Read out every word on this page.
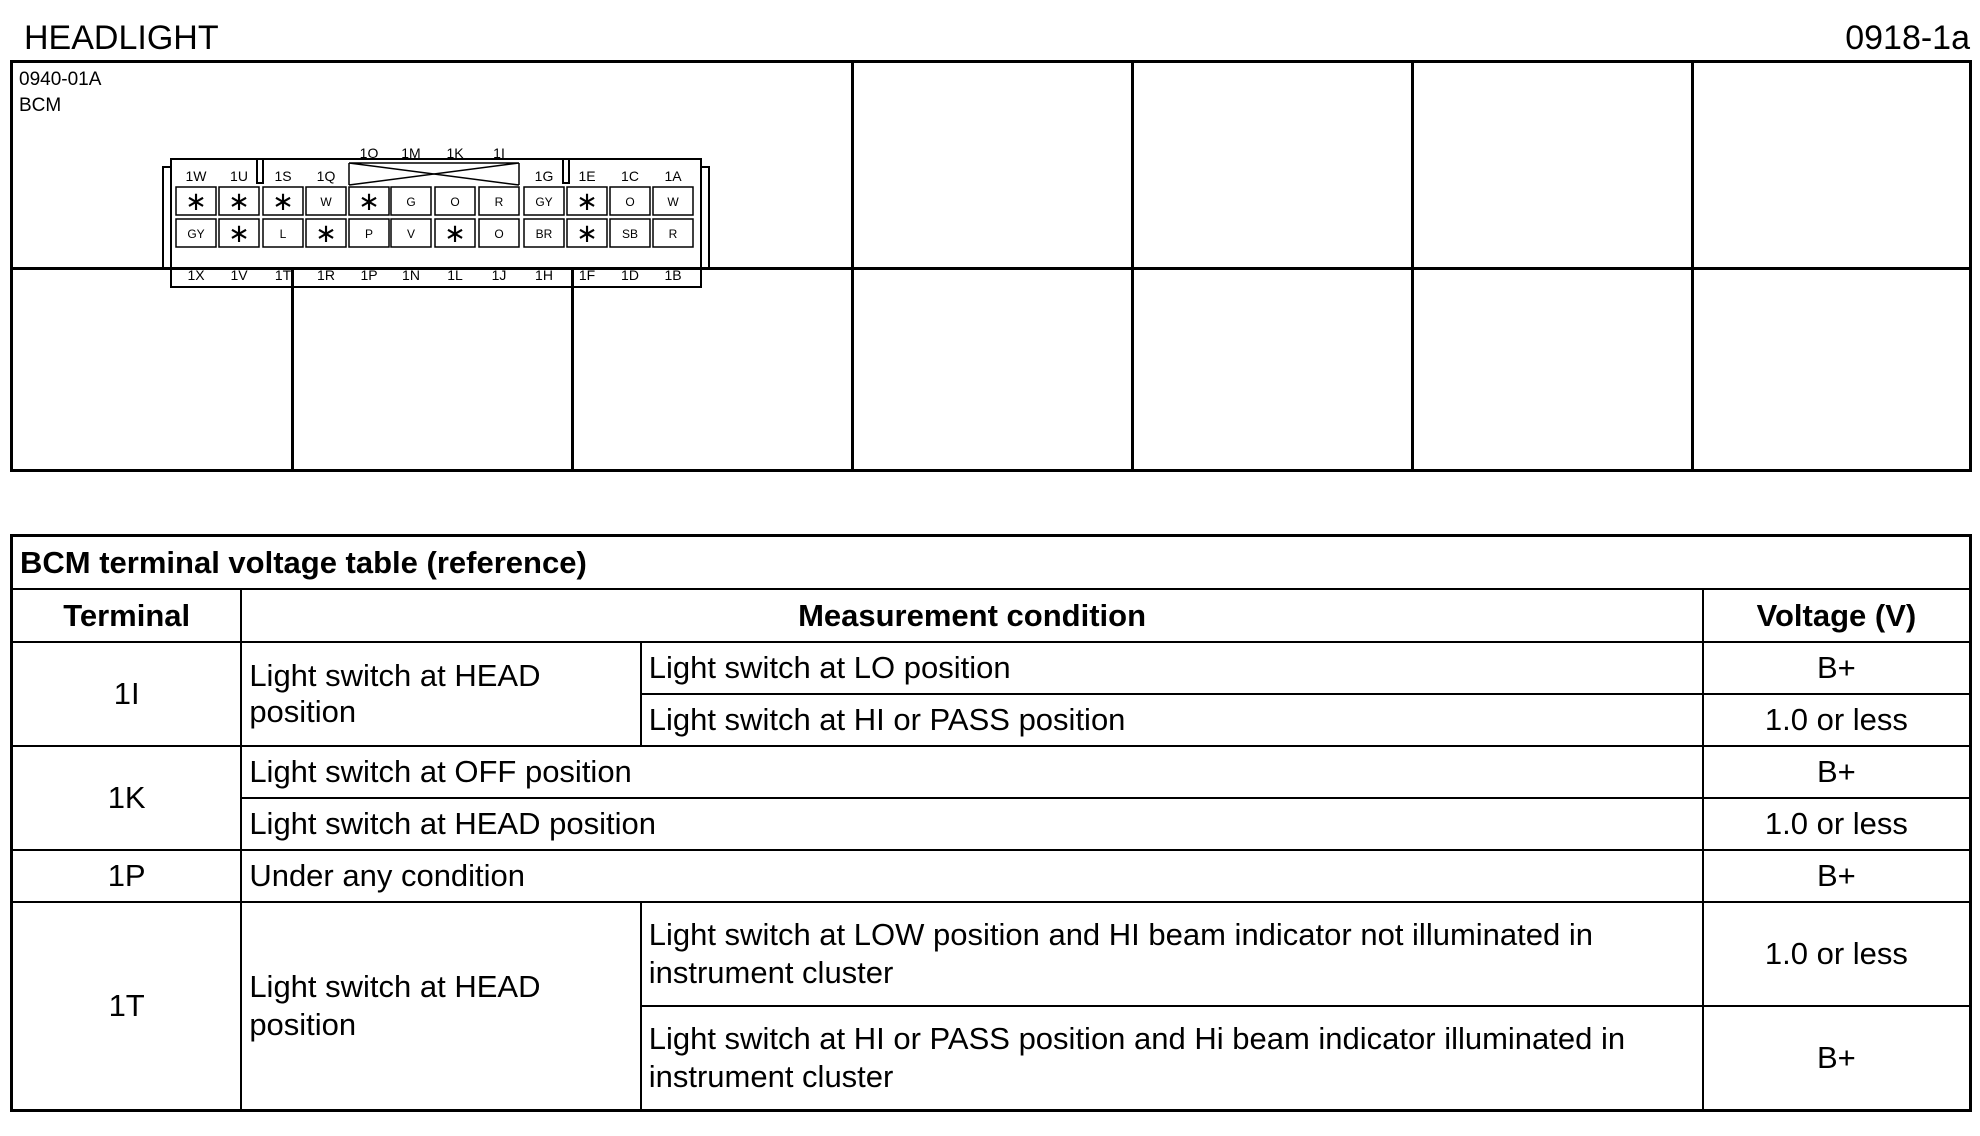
HEADLIGHT	0918-1a
0940-01A
BCM
∗ ∗ ∗ W ∗ G	O	R	GY ∗ O	W
GY ∗ L ∗ P	V ∗ O	BR ∗ SB	R
1W 1U 1S 1Q	1G 1E 1C 1A
1O 1M 1K 1I
1X 1V 1T 1R 1P 1N 1L 1J 1H 1F 1D 1B
BCM terminal voltage table (reference)			
Terminal	Measurement condition		Voltage (V)
1I	Light switch at HEAD position	Light switch at LO position	B+
		Light switch at HI or PASS position	1.0 or less
1K	Light switch at OFF position		B+
	Light switch at HEAD position		1.0 or less
1P	Under any condition		B+
1T	Light switch at HEAD position	Light switch at LOW position and HI beam indicator not illuminated in instrument cluster	1.0 or less
		Light switch at HI or PASS position and Hi beam indicator illuminated in instrument cluster	B+
